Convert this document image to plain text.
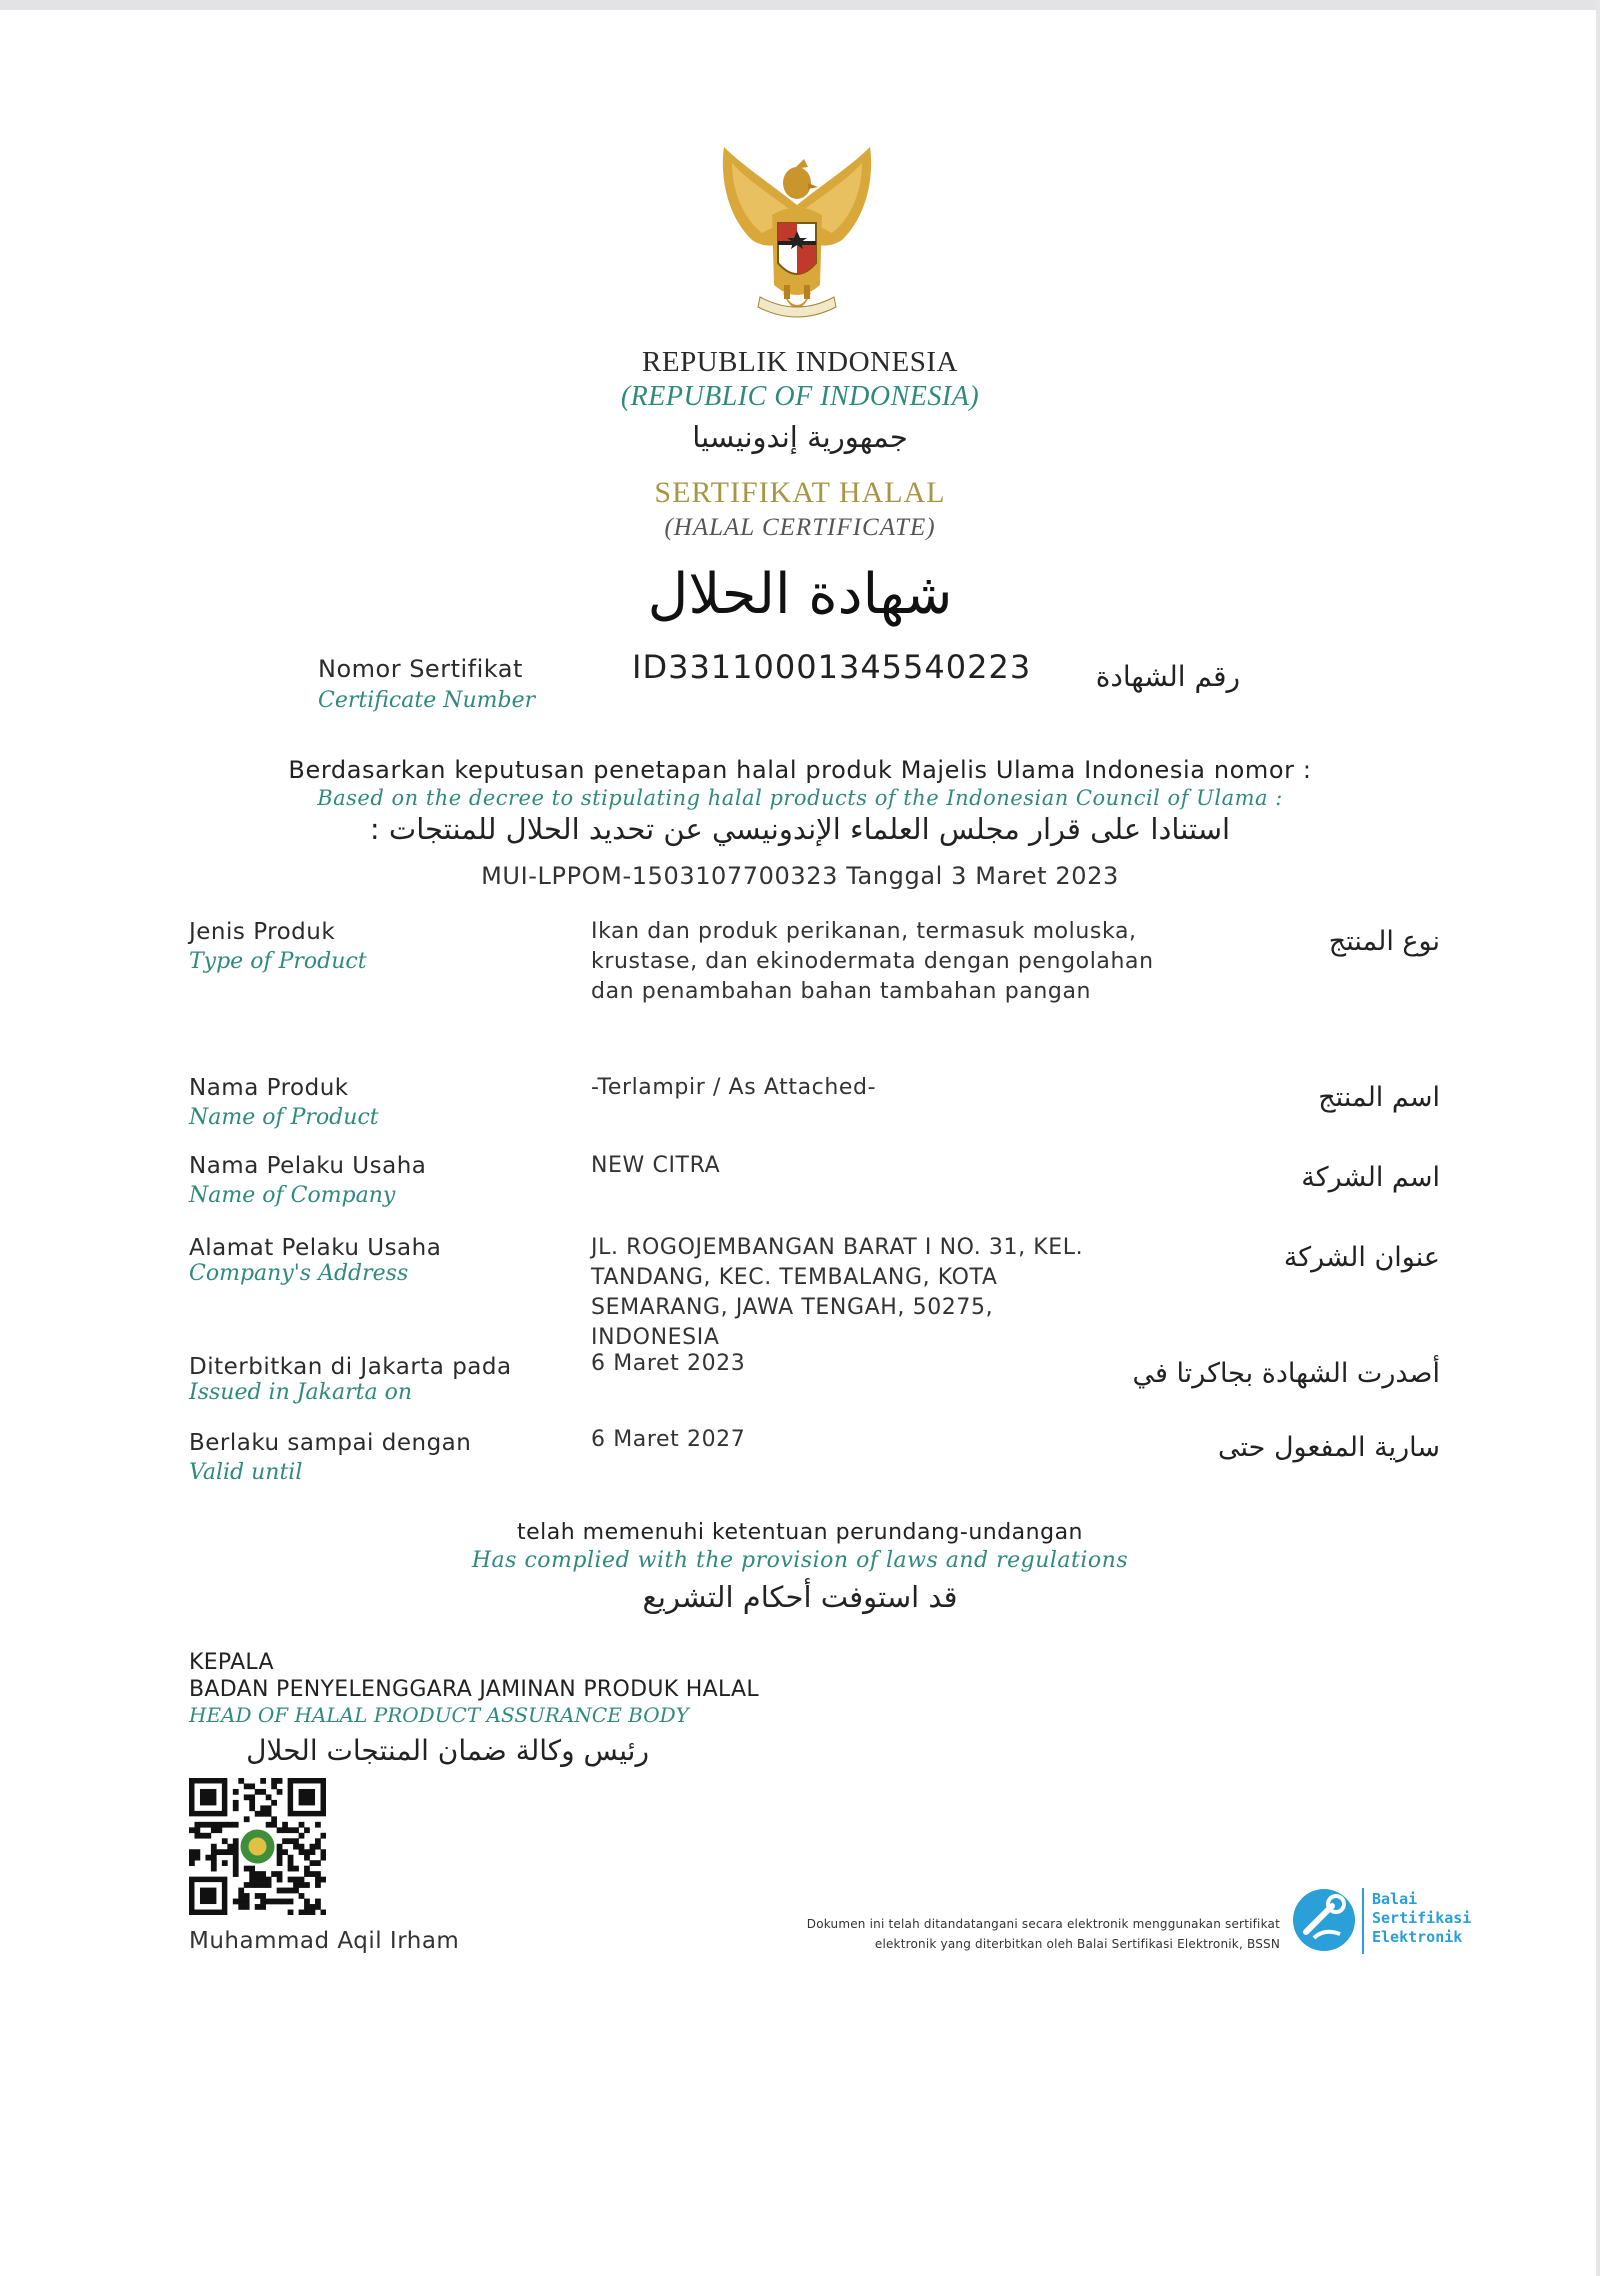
REPUBLIK INDONESIA
(REPUBLIC OF INDONESIA)
جمهورية إندونيسيا
SERTIFIKAT HALAL
(HALAL CERTIFICATE)
شهادة الحلال
Nomor Sertifikat
Certificate Number
ID33110001345540223	رقم الشهادة
Berdasarkan keputusan penetapan halal produk Majelis Ulama Indonesia nomor :
Based on the decree to stipulating halal products of the Indonesian Council of Ulama :
استنادا على قرار مجلس العلماء الإندونيسي عن تحديد الحلال للمنتجات :
MUI-LPPOM-1503107700323 Tanggal 3 Maret 2023
Jenis Produk
Type of Product
Ikan dan produk perikanan, termasuk moluska,
krustase, dan ekinodermata dengan pengolahan
dan penambahan bahan tambahan pangan
نوع المنتج
Nama Produk
Name of Product
-Terlampir / As Attached-	اسم المنتج
Nama Pelaku Usaha
Name of Company
NEW CITRA	اسم الشركة
Alamat Pelaku Usaha
Company's Address
JL. ROGOJEMBANGAN BARAT I NO. 31, KEL.
TANDANG, KEC. TEMBALANG, KOTA
SEMARANG, JAWA TENGAH, 50275,
INDONESIA
عنوان الشركة
Diterbitkan di Jakarta pada
Issued in Jakarta on
6 Maret 2023	أصدرت الشهادة بجاكرتا في
Berlaku sampai dengan
Valid until
6 Maret 2027	سارية المفعول حتى
telah memenuhi ketentuan perundang-undangan
Has complied with the provision of laws and regulations
قد استوفت أحكام التشريع
KEPALA
BADAN PENYELENGGARA JAMINAN PRODUK HALAL
HEAD OF HALAL PRODUCT ASSURANCE BODY
رئيس وكالة ضمان المنتجات الحلال
Muhammad Aqil Irham
Dokumen ini telah ditandatangani secara elektronik menggunakan sertifikat
elektronik yang diterbitkan oleh Balai Sertifikasi Elektronik, BSSN
Balai
Sertifikasi
Elektronik
